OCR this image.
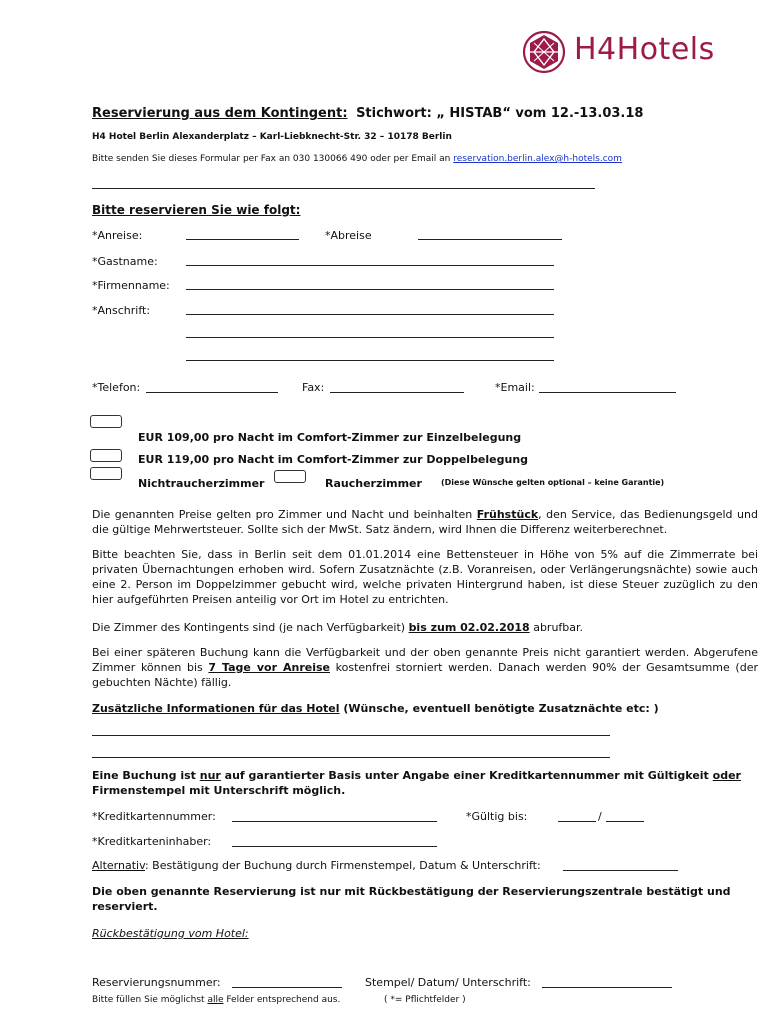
H4Hotels
Reservierung aus dem Kontingent: Stichwort: „ HISTAB“ vom 12.-13.03.18
H4 Hotel Berlin Alexanderplatz – Karl-Liebknecht-Str. 32 – 10178 Berlin
Bitte senden Sie dieses Formular per Fax an 030 130066 490 oder per Email an reservation.berlin.alex@h-hotels.com
Bitte reservieren Sie wie folgt:
*Anreise:	*Abreise
*Gastname:
*Firmenname:
*Anschrift:
*Telefon:	Fax:	*Email:
EUR 109,00 pro Nacht im Comfort-Zimmer zur Einzelbelegung
EUR 119,00 pro Nacht im Comfort-Zimmer zur Doppelbelegung
Nichtraucherzimmer	Raucherzimmer (Diese Wünsche gelten optional – keine Garantie)
Die genannten Preise gelten pro Zimmer und Nacht und beinhalten Frühstück, den Service, das Bedienungsgeld und die gültige Mehrwertsteuer. Sollte sich der MwSt. Satz ändern, wird Ihnen die Differenz weiterberechnet.
Bitte beachten Sie, dass in Berlin seit dem 01.01.2014 eine Bettensteuer in Höhe von 5% auf die Zimmerrate bei privaten Übernachtungen erhoben wird. Sofern Zusatznächte (z.B. Voranreisen, oder Verlängerungsnächte) sowie auch eine 2. Person im Doppelzimmer gebucht wird, welche privaten Hintergrund haben, ist diese Steuer zuzüglich zu den hier aufgeführten Preisen anteilig vor Ort im Hotel zu entrichten.
Die Zimmer des Kontingents sind (je nach Verfügbarkeit) bis zum 02.02.2018 abrufbar.
Bei einer späteren Buchung kann die Verfügbarkeit und der oben genannte Preis nicht garantiert werden. Abgerufene Zimmer können bis 7 Tage vor Anreise kostenfrei storniert werden. Danach werden 90% der Gesamtsumme (der gebuchten Nächte) fällig.
Zusätzliche Informationen für das Hotel (Wünsche, eventuell benötigte Zusatznächte etc: )
Eine Buchung ist nur auf garantierter Basis unter Angabe einer Kreditkartennummer mit Gültigkeit oder
Firmenstempel mit Unterschrift möglich.
*Kreditkartennummer:	*Gültig bis:	/
*Kreditkarteninhaber:
Alternativ: Bestätigung der Buchung durch Firmenstempel, Datum & Unterschrift:
Die oben genannte Reservierung ist nur mit Rückbestätigung der Reservierungszentrale bestätigt und reserviert.
Rückbestätigung vom Hotel:
Reservierungsnummer:	Stempel/ Datum/ Unterschrift:
Bitte füllen Sie möglichst alle Felder entsprechend aus.	( *= Pflichtfelder )
